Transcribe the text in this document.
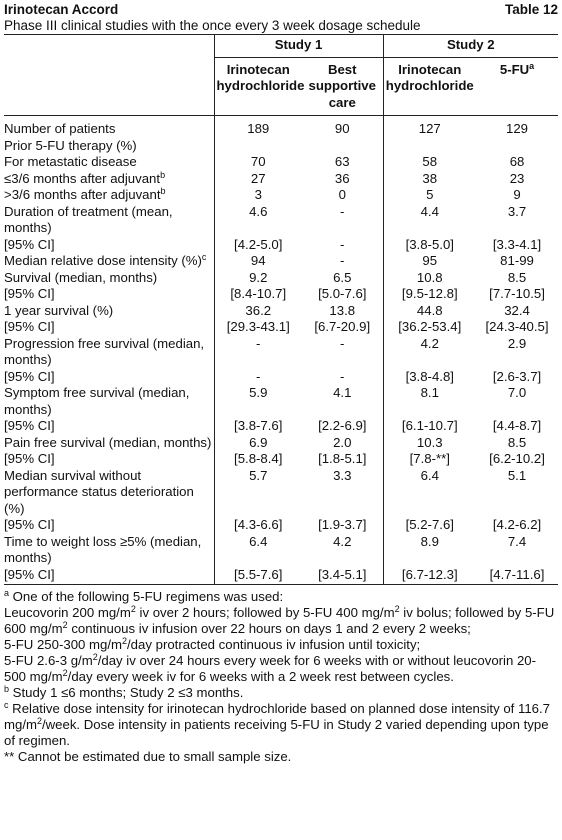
Irinotecan Accord	Table 12
Phase III clinical studies with the once every 3 week dosage schedule
	Study 1		Study 2	
	Irinotecan hydrochloride	Best supportive care	Irinotecan hydrochloride	$5-FU^a$
Number of patients	189	90	127	129
Prior 5-FU therapy (%)				
For metastatic disease	70	63	58	68
≤3/6 months after adjuvant$^b$	27	36	38	23
>3/6 months after adjuvant$^b$	3	0	5	9
Duration of treatment (mean, months)	4.6	-	4.4	3.7
[95% CI]	[4.2-5.0]	-	[3.8-5.0]	[3.3-4.1]
Median relative dose intensity (%)$^c$	94	-	95	81-99
Survival (median, months)	9.2	6.5	10.8	8.5
[95% CI]	[8.4-10.7]	[5.0-7.6]	[9.5-12.8]	[7.7-10.5]
1 year survival (%)	36.2	13.8	44.8	32.4
[95% CI]	[29.3-43.1]	[6.7-20.9]	[36.2-53.4]	[24.3-40.5]
Progression free survival (median, months)	-	-	4.2	2.9
[95% CI]	-	-	[3.8-4.8]	[2.6-3.7]
Symptom free survival (median, months)	5.9	4.1	8.1	7.0
[95% CI]	[3.8-7.6]	[2.2-6.9]	[6.1-10.7]	[4.4-8.7]
Pain free survival (median, months)	6.9	2.0	10.3	8.5
[95% CI]	[5.8-8.4]	[1.8-5.1]	[7.8-**]	[6.2-10.2]
Median survival without performance status deterioration (%)	5.7	3.3	6.4	5.1
[95% CI]	[4.3-6.6]	[1.9-3.7]	[5.2-7.6]	[4.2-6.2]
Time to weight loss ≥5% (median, months)	6.4	4.2	8.9	7.4
[95% CI]	[5.5-7.6]	[3.4-5.1]	[6.7-12.3]	[4.7-11.6]

$^a$ One of the following 5-FU regimens was used:

Leucovorin 200 $mg/m^2$ iv over 2 hours; followed by 5-FU 400 $mg/m^2$ iv bolus; followed by 5-FU 600 $mg/m^2$ continuous iv infusion over 22 hours on days 1 and 2 every 2 weeks;

5-FU 250-300 $mg/m^2$/day protracted continuous iv infusion until toxicity;

5-FU 2.6-3 $g/m^2$/day iv over 24 hours every week for 6 weeks with or without leucovorin 20-500 $mg/m^2$/day every week iv for 6 weeks with a 2 week rest between cycles.

$^b$ Study 1 ≤6 months; Study 2 ≤3 months.

$^c$ Relative dose intensity for irinotecan hydrochloride based on planned dose intensity of 116.7 $mg/m^2$/week. Dose intensity in patients receiving 5-FU in Study 2 varied depending upon type of regimen.

** Cannot be estimated due to small sample size.
